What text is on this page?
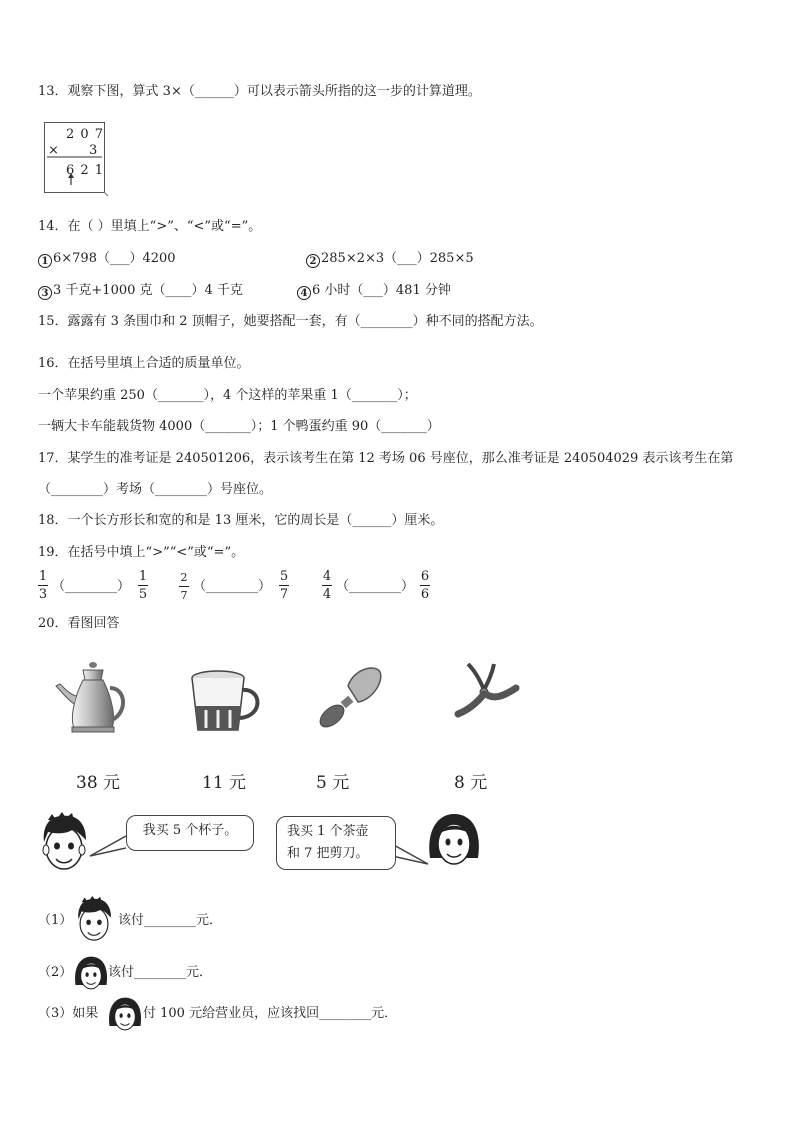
13．观察下图，算式 3×（______）可以表示箭头所指的这一步的计算道理。
2 0 7
× 3
6 2 1
14．在（ ）里填上“>”、“<”或“=”。
1 6×798（___）4200	2 285×2×3（___）285×5
3 3 千克+1000 克（____）4 千克	4 6 小时（___）481 分钟
15．露露有 3 条围巾和 2 顶帽子，她要搭配一套，有（________）种不同的搭配方法。
16．在括号里填上合适的质量单位。
一个苹果约重 250（_______），4 个这样的苹果重 1（_______）；
一辆大卡车能载货物 4000（_______）；1 个鸭蛋约重 90（_______）
17．某学生的准考证是 240501206，表示该考生在第 12 考场 06 号座位，那么准考证是 240504029 表示该考生在第
（________）考场（________）号座位。
18．一个长方形长和宽的和是 13 厘米，它的周长是（______）厘米。
19．在括号中填上“>”“<”或“=”。
1
3
（________）
1
5
2
7
（________）
5
7
4
4
（________）
6
6
20．看图回答
38 元	11 元	5 元	8 元
我买 5 个杯子。	我买 1 个茶壶
和 7 把剪刀。
（1）	该付________元．
（2）	该付________元．
（3）如果	付 100 元给营业员，应该找回________元．
